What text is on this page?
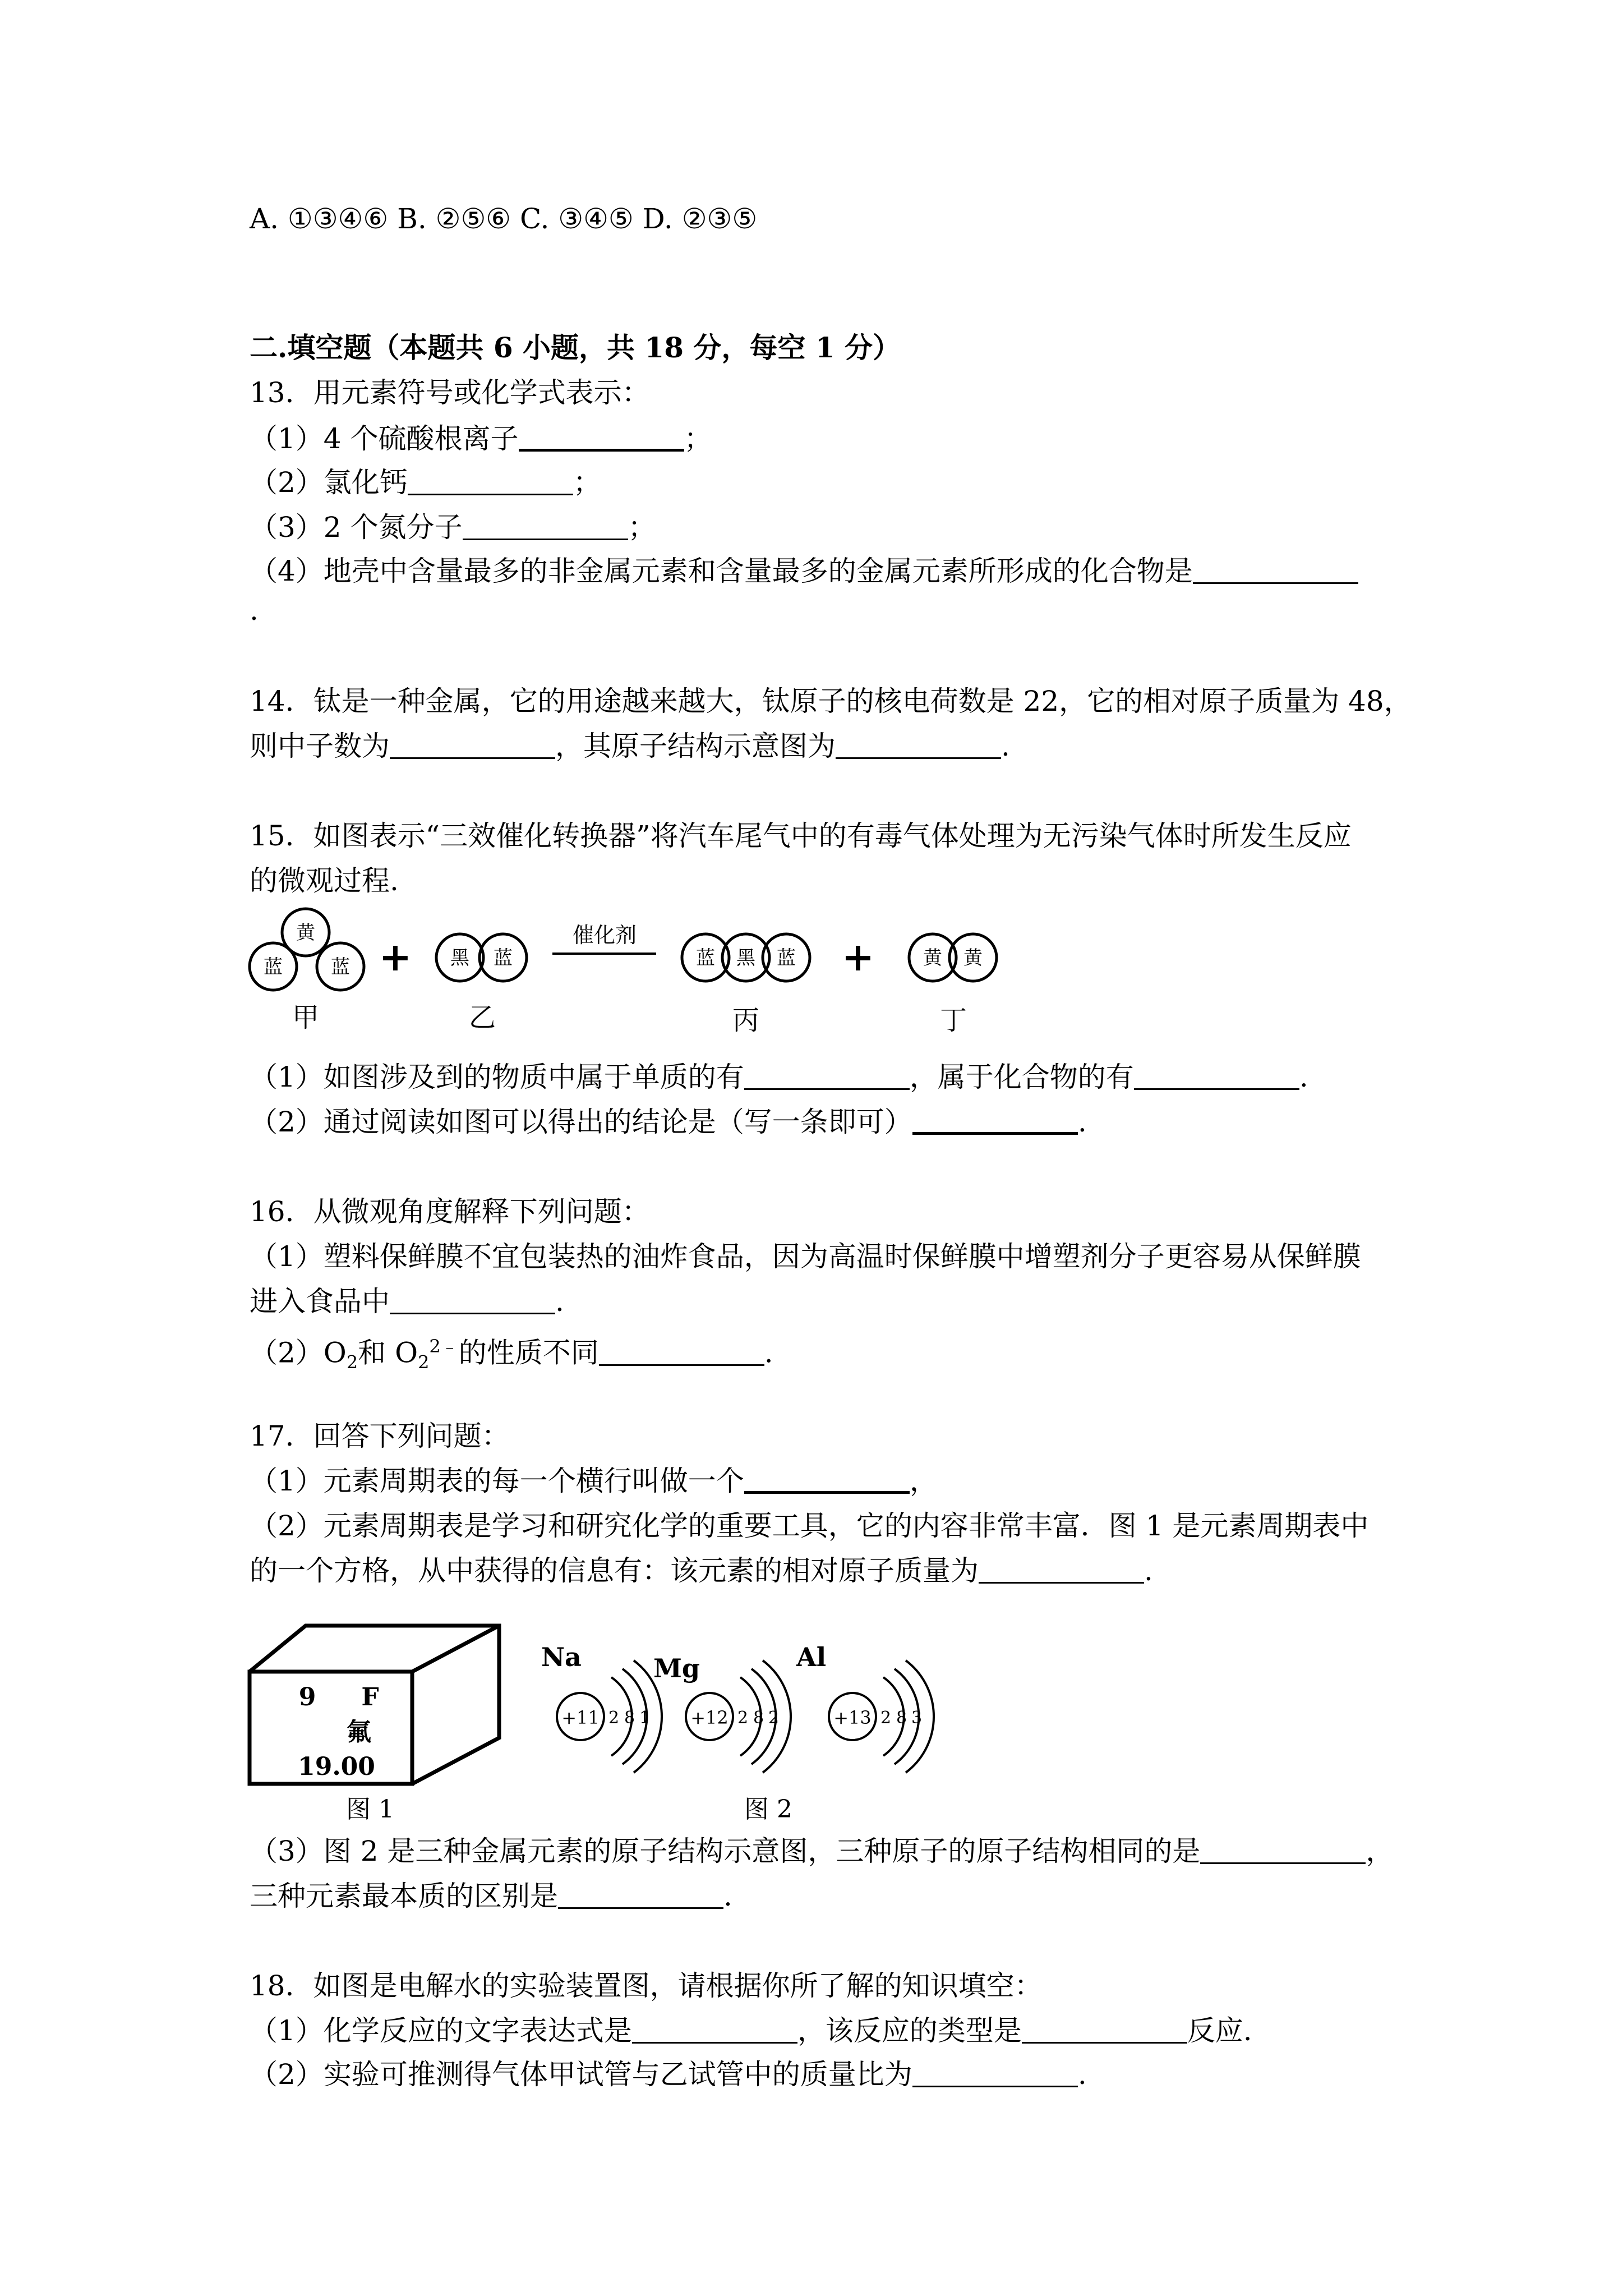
A. ①③④⑥ B. ②⑤⑥ C. ③④⑤ D. ②③⑤
二.填空题（本题共 6 小题，共 18 分，每空 1 分）
13．用元素符号或化学式表示：
（1）4 个硫酸根离子	；
（2）氯化钙	；
（3）2 个氮分子	；
（4）地壳中含量最多的非金属元素和含量最多的金属元素所形成的化合物是
.
14．钛是一种金属，它的用途越来越大，钛原子的核电荷数是 22，它的相对原子质量为 48，
则中子数为	，其原子结构示意图为	.
15．如图表示“三效催化转换器”将汽车尾气中的有毒气体处理为无污染气体时所发生反应
的微观过程.
黄
蓝	蓝	黑 蓝	蓝 黑 蓝	黄 黄
+	+
催化剂
甲	乙	丙	丁
（1）如图涉及到的物质中属于单质的有	，属于化合物的有	.
（2）通过阅读如图可以得出的结论是（写一条即可）	.
16．从微观角度解释下列问题：
（1）塑料保鲜膜不宜包装热的油炸食品，因为高温时保鲜膜中增塑剂分子更容易从保鲜膜
进入食品中	.
$(2)O_2$和 $O_2^{2﹣}$的性质不同	.
17．回答下列问题：
（1）元素周期表的每一个横行叫做一个	，
（2）元素周期表是学习和研究化学的重要工具，它的内容非常丰富．图 1 是元素周期表中
的一个方格，从中获得的信息有：该元素的相对原子质量为	.
9 F
氟
19.00
图 1
Na	Mg	Al
+11 2 8 1 +12 2 8 2	+13 2 8 3
图 2
（3）图 2 是三种金属元素的原子结构示意图，三种原子的原子结构相同的是	，
三种元素最本质的区别是	.
18．如图是电解水的实验装置图，请根据你所了解的知识填空：
（1）化学反应的文字表达式是	，该反应的类型是	反应.
（2）实验可推测得气体甲试管与乙试管中的质量比为	.
